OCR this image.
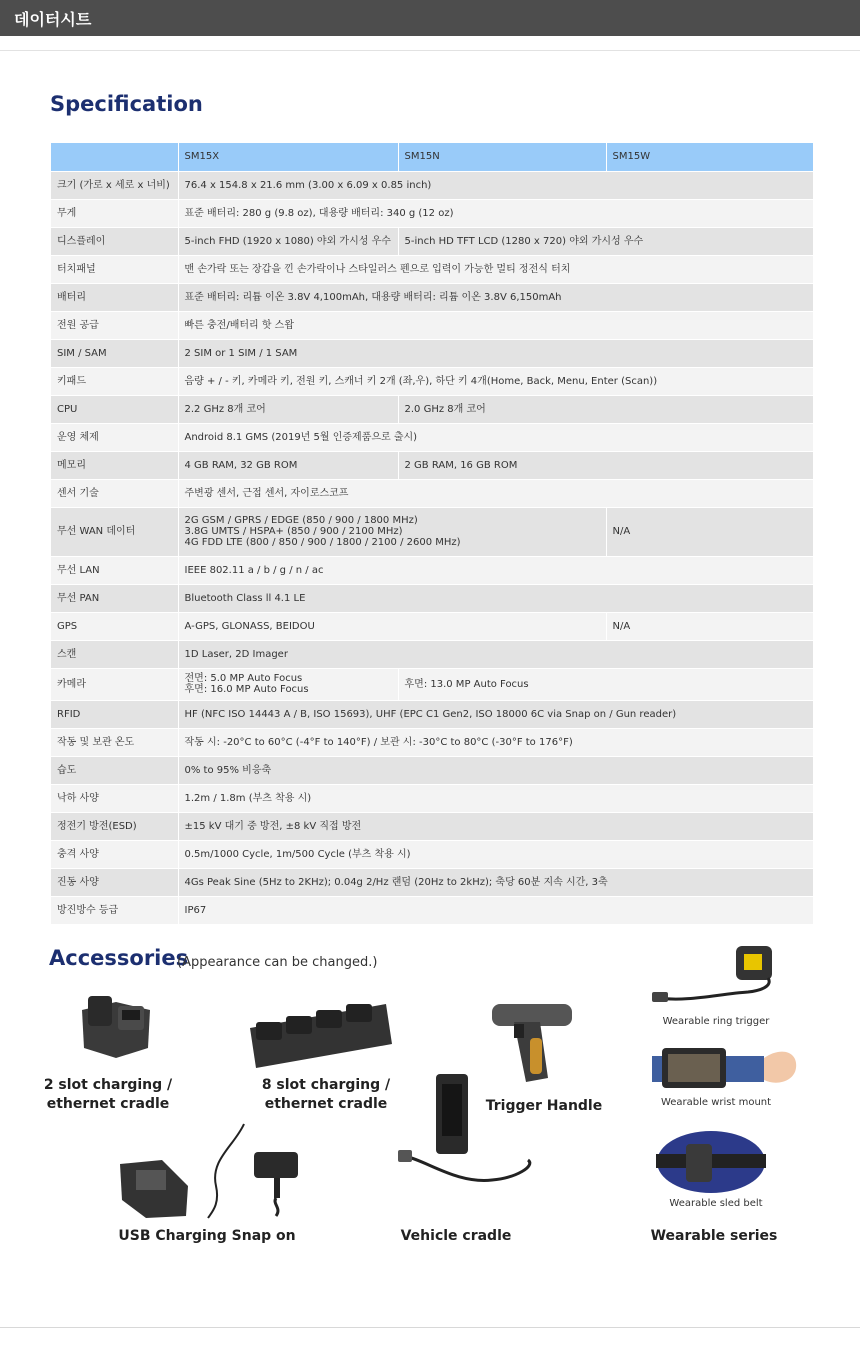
데이터시트
Specification
	SM15X	SM15N	SM15W
크기 (가로 x 세로 x 너비)	76.4 x 154.8 x 21.6 mm (3.00 x 6.09 x 0.85 inch)		
무게	표준 배터리: 280 g (9.8 oz), 대용량 배터리: 340 g (12 oz)		
디스플레이	5-inch FHD (1920 x 1080) 야외 가시성 우수	5-inch HD TFT LCD (1280 x 720) 야외 가시성 우수	
터치패널	맨 손가락 또는 장갑을 낀 손가락이나 스타일러스 펜으로 입력이 가능한 멀티 정전식 터치		
배터리	표준 배터리: 리튬 이온 3.8V 4,100mAh, 대용량 배터리: 리튬 이온 3.8V 6,150mAh		
전원 공급	빠른 충전/배터리 핫 스왑		
SIM / SAM	2 SIM or 1 SIM / 1 SAM		
키패드	음량 + / - 키, 카메라 키, 전원 키, 스캐너 키 2개 (좌,우), 하단 키 4개(Home, Back, Menu, Enter (Scan))		
CPU	2.2 GHz 8개 코어	2.0 GHz 8개 코어	
운영 체제	Android 8.1 GMS (2019년 5월 인증제품으로 출시)		
메모리	4 GB RAM, 32 GB ROM	2 GB RAM, 16 GB ROM	
센서 기술	주변광 센서, 근접 센서, 자이로스코프		
무선 WAN 데이터	2G GSM / GPRS / EDGE (850 / 900 / 1800 MHz)
3.8G UMTS / HSPA+ (850 / 900 / 2100 MHz)
4G FDD LTE (800 / 850 / 900 / 1800 / 2100 / 2600 MHz)		N/A
무선 LAN	IEEE 802.11 a / b / g / n / ac		
무선 PAN	Bluetooth Class ll 4.1 LE		
GPS	A-GPS, GLONASS, BEIDOU		N/A
스캔	1D Laser, 2D Imager		
카메라	전면: 5.0 MP Auto Focus
후면: 16.0 MP Auto Focus	후면: 13.0 MP Auto Focus	
RFID	HF (NFC ISO 14443 A / B, ISO 15693), UHF (EPC C1 Gen2, ISO 18000 6C via Snap on / Gun reader)		
작동 및 보관 온도	작동 시: -20°C to 60°C (-4°F to 140°F) / 보관 시: -30°C to 80°C (-30°F to 176°F)		
습도	0% to 95% 비응축		
낙하 사양	1.2m / 1.8m (부츠 착용 시)		
정전기 방전(ESD)	±15 kV 대기 중 방전, ±8 kV 직접 방전		
충격 사양	0.5m/1000 Cycle, 1m/500 Cycle (부츠 착용 시)		
진동 사양	4Gs Peak Sine (5Hz to 2KHz); 0.04g 2/Hz 랜덤 (20Hz to 2kHz); 축당 60분 지속 시간, 3축		
방진방수 등급	IP67		
Accessories
(Appearance can be changed.)
2 slot charging /
ethernet cradle
8 slot charging /
ethernet cradle	Trigger Handle
Wearable ring trigger
Wearable wrist mount
Wearable sled belt
USB Charging Snap on	Vehicle cradle	Wearable series
